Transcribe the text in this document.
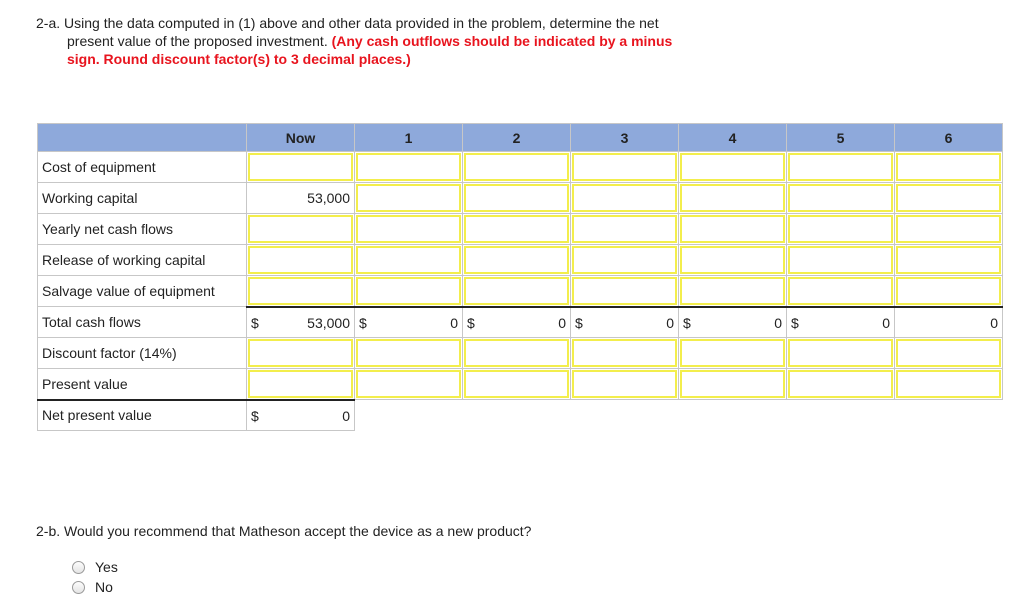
2-a. Using the data computed in (1) above and other data provided in the problem, determine the net
present value of the proposed investment. (Any cash outflows should be indicated by a minus
sign. Round discount factor(s) to 3 decimal places.)
	Now	1	2	3	4	5	6
Cost of equipment	

Working capital	53,000						

Yearly net cash flows	

Release of working capital	

Salvage value of equipment	

Total cash flows	$ 53,000	$ 0	$ 0	$ 0	$ 0	$ 0	0

Discount factor (14%)	

Present value	

Net present value	$ 0						

2-b. Would you recommend that Matheson accept the device as a new product?
Yes
No
